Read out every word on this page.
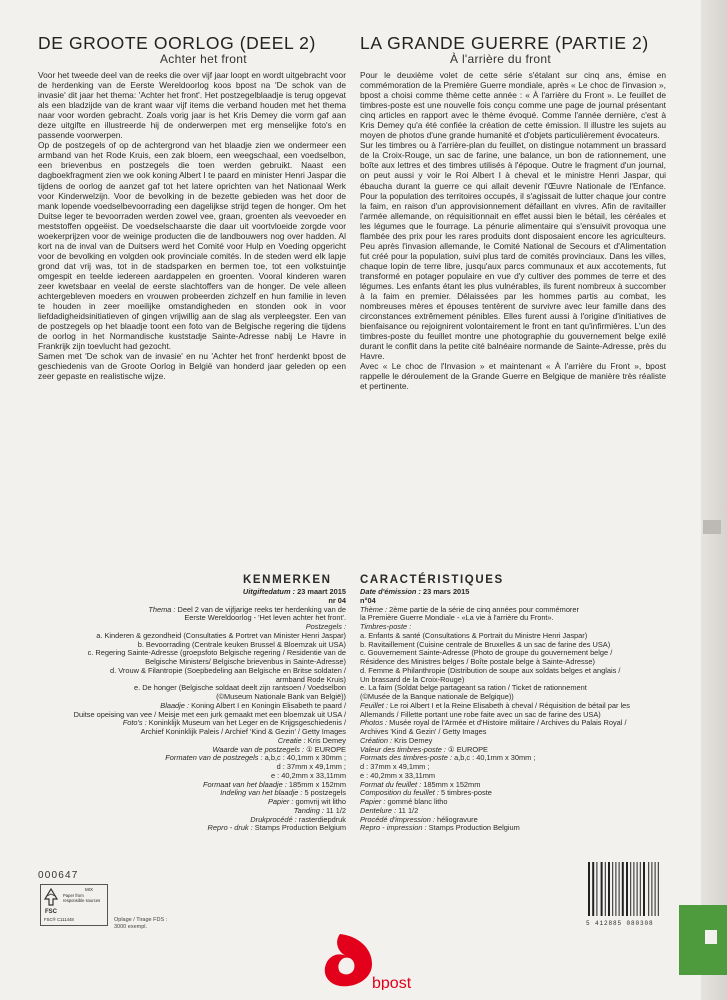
DE GROOTE OORLOG (DEEL 2)
Achter het front

Voor het tweede deel van de reeks die over vijf jaar loopt en wordt uitgebracht voor de herdenking van de Eerste Wereldoorlog koos bpost na 'De schok van de invasie' dit jaar het thema: 'Achter het front'. Het postzegelblaadje is terug opgevat als een bladzijde van de krant waar vijf items die verband houden met het thema naar voor worden gebracht. Zoals vorig jaar is het Kris Demey die vorm gaf aan deze uitgifte en illustreerde hij de onderwerpen met erg menselijke foto's en passende voorwerpen.

Op de postzegels of op de achtergrond van het blaadje zien we ondermeer een armband van het Rode Kruis, een zak bloem, een weegschaal, een voedselbon, een brievenbus en postzegels die toen werden gebruikt. Naast een dagboekfragment zien we ook koning Albert I te paard en minister Henri Jaspar die tijdens de oorlog de aanzet gaf tot het latere oprichten van het Nationaal Werk voor Kinderwelzijn. Voor de bevolking in de bezette gebieden was het door de mank lopende voedselbevoorrading een dagelijkse strijd tegen de honger. Om het Duitse leger te bevoorraden werden zowel vee, graan, groenten als veevoeder en meststoffen opgeëist. De voedselschaarste die daar uit voortvloeide zorgde voor woekerprijzen voor de weinige producten die de landbouwers nog over hadden. Al kort na de inval van de Duitsers werd het Comité voor Hulp en Voeding opgericht voor de bevolking en volgden ook provinciale comités. In de steden werd elk lapje grond dat vrij was, tot in de stadsparken en bermen toe, tot een volkstuintje omgespit en teelde iedereen aardappelen en groenten. Vooral kinderen waren zeer kwetsbaar en veelal de eerste slachtoffers van de honger. De vele alleen achtergebleven moeders en vrouwen probeerden zichzelf en hun familie in leven te houden in zeer moeilijke omstandigheden en stonden ook in voor liefdadigheidsinitiatieven of gingen vrijwillig aan de slag als verpleegster. Een van de postzegels op het blaadje toont een foto van de Belgische regering die tijdens de oorlog in het Normandische kuststadje Sainte-Adresse nabij Le Havre in Frankrijk zijn toevlucht had gezocht.

Samen met 'De schok van de invasie' en nu 'Achter het front' herdenkt bpost de geschiedenis van de Groote Oorlog in België van honderd jaar geleden op een zeer gepaste en realistische wijze.

KENMERKEN
Uitgiftedatum : 23 maart 2015
nr 04
Thema : Deel 2 van de vijfjarige reeks ter herdenking van de
Eerste Wereldoorlog - 'Het leven achter het front'.
Postzegels :
a. Kinderen & gezondheid (Consultaties & Portret van Minister Henri Jaspar)
b. Bevoorrading (Centrale keuken Brussel & Bloemzak uit USA)
c. Regering Sainte-Adresse (groepsfoto Belgische regering / Residentie van de
Belgische Ministers/ Belgische brievenbus in Sainte-Adresse)
d. Vrouw & Filantropie (Soepbedeling aan Belgische en Britse soldaten /
armband Rode Kruis)
e. De honger (Belgische soldaat deelt zijn rantsoen / Voedselbon
(©Museum Nationale Bank van België))
Blaadje : Koning Albert I en Koningin Elisabeth te paard /
Duitse opeising van vee / Meisje met een jurk gemaakt met een bloemzak uit USA /
Foto's : Koninklijk Museum van het Leger en de Krijgsgeschiedenis /
Archief Koninklijk Paleis / Archief 'Kind & Gezin' / Getty Images
Creatie : Kris Demey
Waarde van de postzegels : ① EUROPE
Formaten van de postzegels : a,b,c : 40,1mm x 30mm ;
d : 37mm x 49,1mm ;
e : 40,2mm x 33,11mm
Formaat van het blaadje : 185mm x 152mm
Indeling van het blaadje : 5 postzegels
Papier : gomvrij wit litho
Tanding : 11 1/2
Drukprocédé : rasterdiepdruk
Repro - druk : Stamps Production Belgium
LA GRANDE GUERRE (PARTIE 2)
À l'arrière du front

Pour le deuxième volet de cette série s'étalant sur cinq ans, émise en commémoration de la Première Guerre mondiale, après « Le choc de l'invasion », bpost a choisi comme thème cette année : « À l'arrière du Front ». Le feuillet de timbres-poste est une nouvelle fois conçu comme une page de journal présentant cinq articles en rapport avec le thème évoqué. Comme l'année dernière, c'est à Kris Demey qu'a été confiée la création de cette émission. Il illustre les sujets au moyen de photos d'une grande humanité et d'objets particulièrement évocateurs.

Sur les timbres ou à l'arrière-plan du feuillet, on distingue notamment un brassard de la Croix-Rouge, un sac de farine, une balance, un bon de rationnement, une boîte aux lettres et des timbres utilisés à l'époque. Outre le fragment d'un journal, on peut aussi y voir le Roi Albert I à cheval et le ministre Henri Jaspar, qui ébaucha durant la guerre ce qui allait devenir l'Œuvre Nationale de l'Enfance. Pour la population des territoires occupés, il s'agissait de lutter chaque jour contre la faim, en raison d'un approvisionnement défaillant en vivres. Afin de ravitailler l'armée allemande, on réquisitionnait en effet aussi bien le bétail, les céréales et les légumes que le fourrage. La pénurie alimentaire qui s'ensuivit provoqua une flambée des prix pour les rares produits dont disposaient encore les agriculteurs. Peu après l'invasion allemande, le Comité National de Secours et d'Alimentation fut créé pour la population, suivi plus tard de comités provinciaux. Dans les villes, chaque lopin de terre libre, jusqu'aux parcs communaux et aux accotements, fut transformé en potager populaire en vue d'y cultiver des pommes de terre et des légumes. Les enfants étant les plus vulnérables, ils furent nombreux à succomber à la faim en premier. Délaissées par les hommes partis au combat, les nombreuses mères et épouses tentèrent de survivre avec leur famille dans des circonstances extrêmement pénibles. Elles furent aussi à l'origine d'initiatives de bienfaisance ou rejoignirent volontairement le front en tant qu'infirmières. L'un des timbres-poste du feuillet montre une photographie du gouvernement belge exilé durant le conflit dans la petite cité balnéaire normande de Sainte-Adresse, près du Havre.

Avec « Le choc de l'Invasion » et maintenant « À l'arrière du Front », bpost rappelle le déroulement de la Grande Guerre en Belgique de manière très réaliste et pertinente.

CARACTÉRISTIQUES
Date d'émission : 23 mars 2015
n°04
Thème : 2ème partie de la série de cinq années pour commémorer
la Première Guerre Mondiale - «La vie à l'arrière du Front».
Timbres-poste :
a. Enfants & santé (Consultations & Portrait du Ministre Henri Jaspar)
b. Ravitaillement (Cuisine centrale de Bruxelles & un sac de farine des USA)
c. Gouvernement Sainte-Adresse (Photo de groupe du gouvernement belge /
Résidence des Ministres belges / Boîte postale belge à Sainte-Adresse)
d. Femme & Philanthropie (Distribution de soupe aux soldats belges et anglais /
Un brassard de la Croix-Rouge)
e. La faim (Soldat belge partageant sa ration / Ticket de rationnement
(©Musée de la Banque nationale de Belgique))
Feuillet : Le roi Albert I et la Reine Elisabeth à cheval / Réquisition de bétail par les
Allemands / Fillette portant une robe faite avec un sac de farine des USA)
Photos : Musée royal de l'Armée et d'Histoire militaire / Archives du Palais Royal /
Archives 'Kind & Gezin' / Getty Images
Création : Kris Demey
Valeur des timbres-poste : ① EUROPE
Formats des timbres-poste : a,b,c : 40,1mm x 30mm ;
d : 37mm x 49,1mm ;
e : 40,2mm x 33,11mm
Format du feuillet : 185mm x 152mm
Composition du feuillet : 5 timbres-poste
Papier : gommé blanc litho
Dentelure : 11 1/2
Procédé d'impression : héliogravure
Repro - impression : Stamps Production Belgium
000647
MIX
Paper from responsible sources
FSC
FSC® C111448	Oplage / Tirage FDS :
3000 exempl.
bpost
5 412885 080308
